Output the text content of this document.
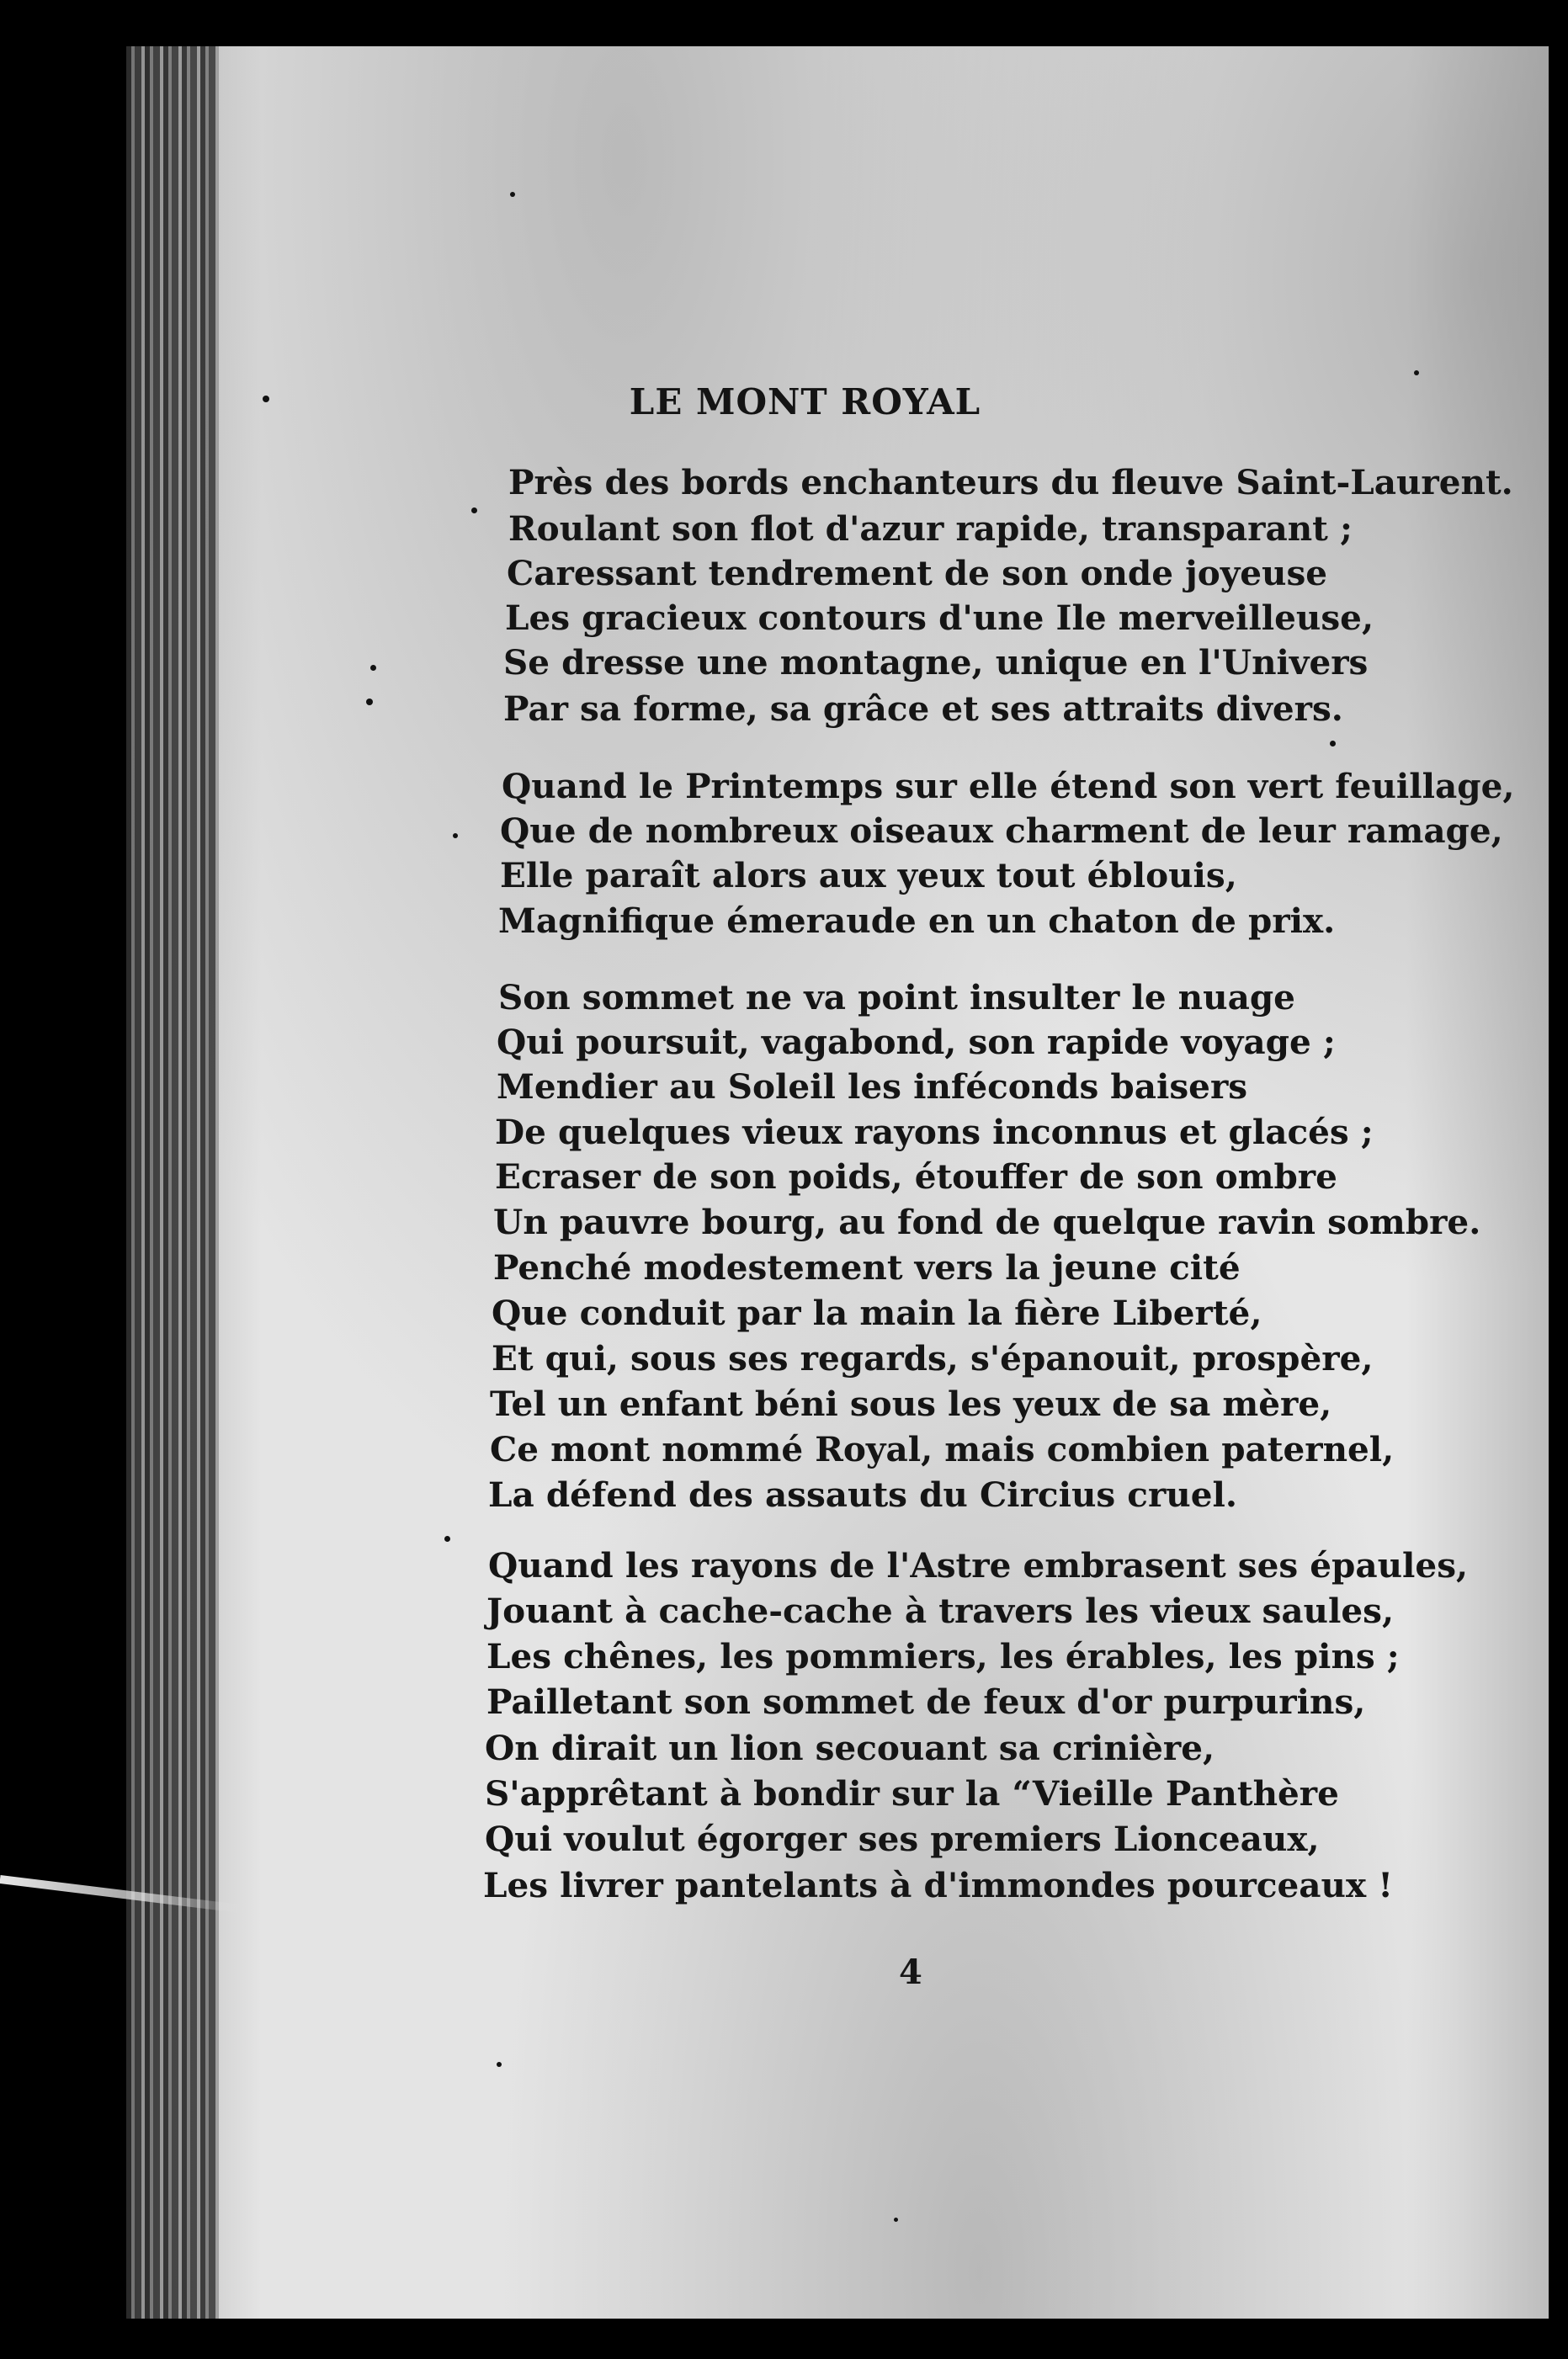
LE MONT ROYAL
Près des bords enchanteurs du fleuve Saint-Laurent.
Roulant son flot d'azur rapide, transparant ;
Caressant tendrement de son onde joyeuse
Les gracieux contours d'une Ile merveilleuse,
Se dresse une montagne, unique en l'Univers
Par sa forme, sa grâce et ses attraits divers.
Quand le Printemps sur elle étend son vert feuillage,
Que de nombreux oiseaux charment de leur ramage,
Elle paraît alors aux yeux tout éblouis,
Magnifique émeraude en un chaton de prix.
Son sommet ne va point insulter le nuage
Qui poursuit, vagabond, son rapide voyage ;
Mendier au Soleil les inféconds baisers
De quelques vieux rayons inconnus et glacés ;
Ecraser de son poids, étouffer de son ombre
Un pauvre bourg, au fond de quelque ravin sombre.
Penché modestement vers la jeune cité
Que conduit par la main la fière Liberté,
Et qui, sous ses regards, s'épanouit, prospère,
Tel un enfant béni sous les yeux de sa mère,
Ce mont nommé Royal, mais combien paternel,
La défend des assauts du Circius cruel.
Quand les rayons de l'Astre embrasent ses épaules,
Jouant à cache-cache à travers les vieux saules,
Les chênes, les pommiers, les érables, les pins ;
Pailletant son sommet de feux d'or purpurins,
On dirait un lion secouant sa crinière,
S'apprêtant à bondir sur la “Vieille Panthère
Qui voulut égorger ses premiers Lionceaux,
Les livrer pantelants à d'immondes pourceaux !
4
